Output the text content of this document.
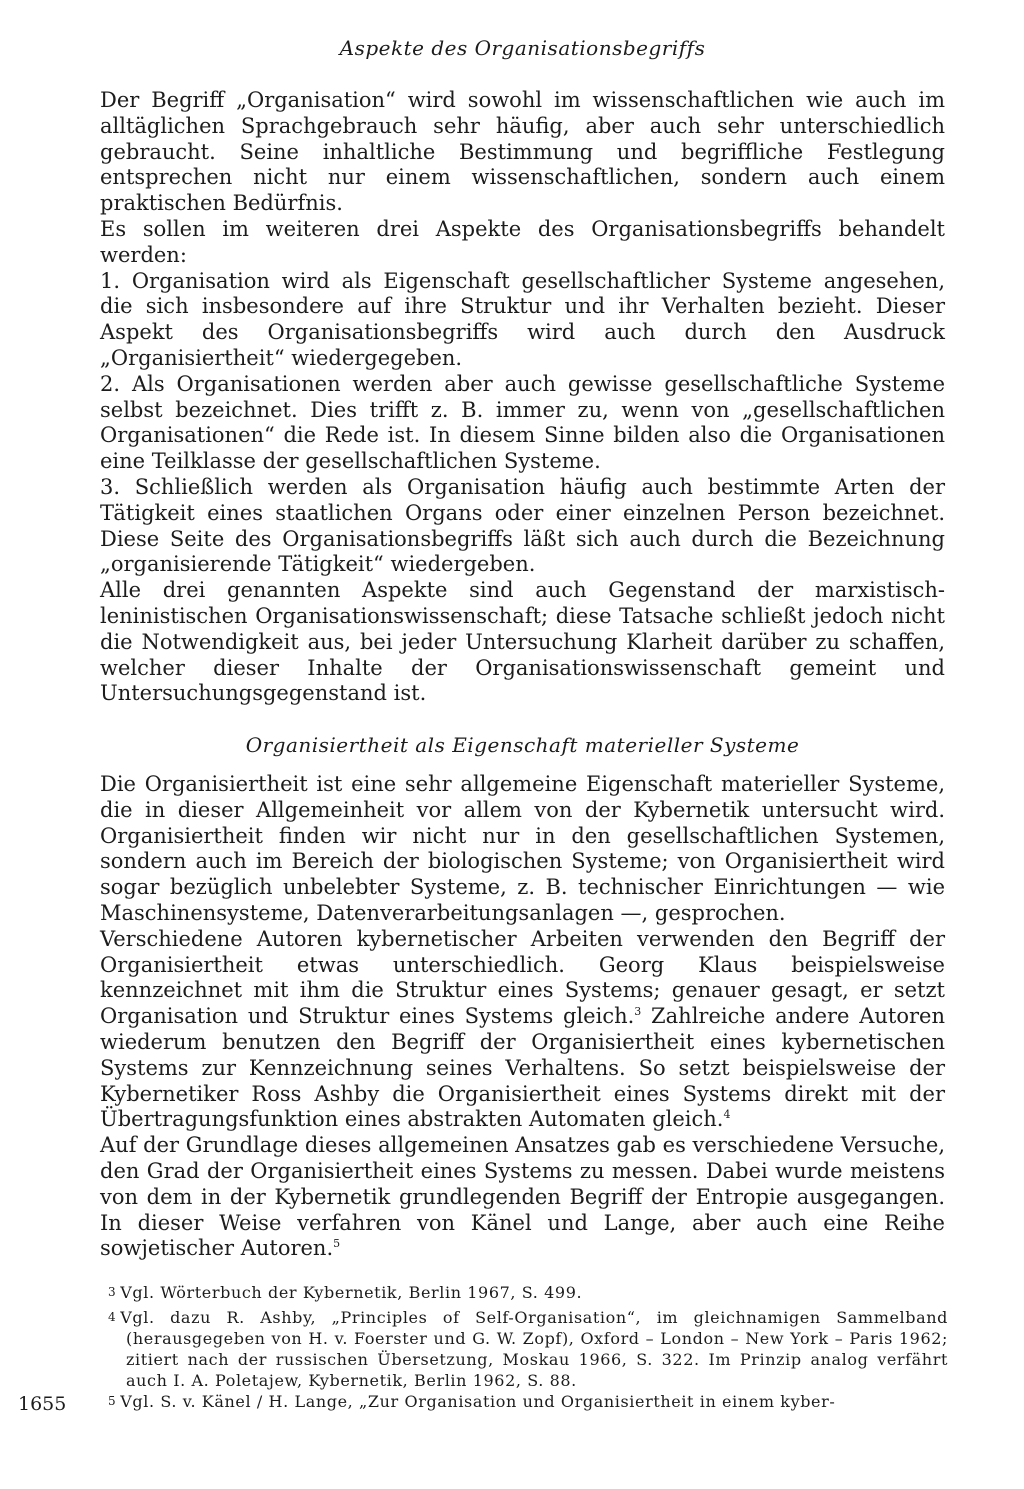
Aspekte des Organisationsbegriffs

Der Begriff „Organisation“ wird sowohl im wissenschaftlichen wie auch im alltäglichen Sprachgebrauch sehr häufig, aber auch sehr unterschiedlich gebraucht. Seine inhaltliche Bestimmung und begriffliche Festlegung entsprechen nicht nur einem wissenschaftlichen, sondern auch einem praktischen Bedürfnis.

Es sollen im weiteren drei Aspekte des Organisationsbegriffs behandelt werden:

1. Organisation wird als Eigenschaft gesellschaftlicher Systeme angesehen, die sich insbesondere auf ihre Struktur und ihr Verhalten bezieht. Dieser Aspekt des Organisationsbegriffs wird auch durch den Ausdruck „Organisiertheit“ wiedergegeben.

2. Als Organisationen werden aber auch gewisse gesellschaftliche Systeme selbst bezeichnet. Dies trifft z. B. immer zu, wenn von „gesellschaftlichen Organisationen“ die Rede ist. In diesem Sinne bilden also die Organisationen eine Teilklasse der gesellschaftlichen Systeme.

3. Schließlich werden als Organisation häufig auch bestimmte Arten der Tätigkeit eines staatlichen Organs oder einer einzelnen Person bezeichnet. Diese Seite des Organisationsbegriffs läßt sich auch durch die Bezeichnung „organisierende Tätigkeit“ wiedergeben.

Alle drei genannten Aspekte sind auch Gegenstand der marxistisch-leninistischen Organisationswissenschaft; diese Tatsache schließt jedoch nicht die Notwendigkeit aus, bei jeder Untersuchung Klarheit darüber zu schaffen, welcher dieser Inhalte der Organisationswissenschaft gemeint und Untersuchungsgegenstand ist.

Organisiertheit als Eigenschaft materieller Systeme

Die Organisiertheit ist eine sehr allgemeine Eigenschaft materieller Systeme, die in dieser Allgemeinheit vor allem von der Kybernetik untersucht wird. Organisiertheit finden wir nicht nur in den gesellschaftlichen Systemen, sondern auch im Bereich der biologischen Systeme; von Organisiertheit wird sogar bezüglich unbelebter Systeme, z. B. technischer Einrichtungen — wie Maschinensysteme, Datenverarbeitungsanlagen —, gesprochen.

Verschiedene Autoren kybernetischer Arbeiten verwenden den Begriff der Organisiertheit etwas unterschiedlich. Georg Klaus beispielsweise kennzeichnet mit ihm die Struktur eines Systems; genauer gesagt, er setzt Organisation und Struktur eines Systems gleich.$^3$ Zahlreiche andere Autoren wiederum benutzen den Begriff der Organisiertheit eines kybernetischen Systems zur Kennzeichnung seines Verhaltens. So setzt beispielsweise der Kybernetiker Ross Ashby die Organisiertheit eines Systems direkt mit der Übertragungsfunktion eines abstrakten Automaten gleich.$^4$

Auf der Grundlage dieses allgemeinen Ansatzes gab es verschiedene Versuche, den Grad der Organisiertheit eines Systems zu messen. Dabei wurde meistens von dem in der Kybernetik grundlegenden Begriff der Entropie ausgegangen. In dieser Weise verfahren von Känel und Lange, aber auch eine Reihe sowjetischer Autoren.$^5$

3 Vgl. Wörterbuch der Kybernetik, Berlin 1967, S. 499.

4 Vgl. dazu R. Ashby, „Principles of Self-Organisation“, im gleichnamigen Sammelband (herausgegeben von H. v. Foerster und G. W. Zopf), Oxford – London – New York – Paris 1962; zitiert nach der russischen Übersetzung, Moskau 1966, S. 322. Im Prinzip analog verfährt auch I. A. Poletajew, Kybernetik, Berlin 1962, S. 88.

5 Vgl. S. v. Känel / H. Lange, „Zur Organisation und Organisiertheit in einem kyber-

1655
